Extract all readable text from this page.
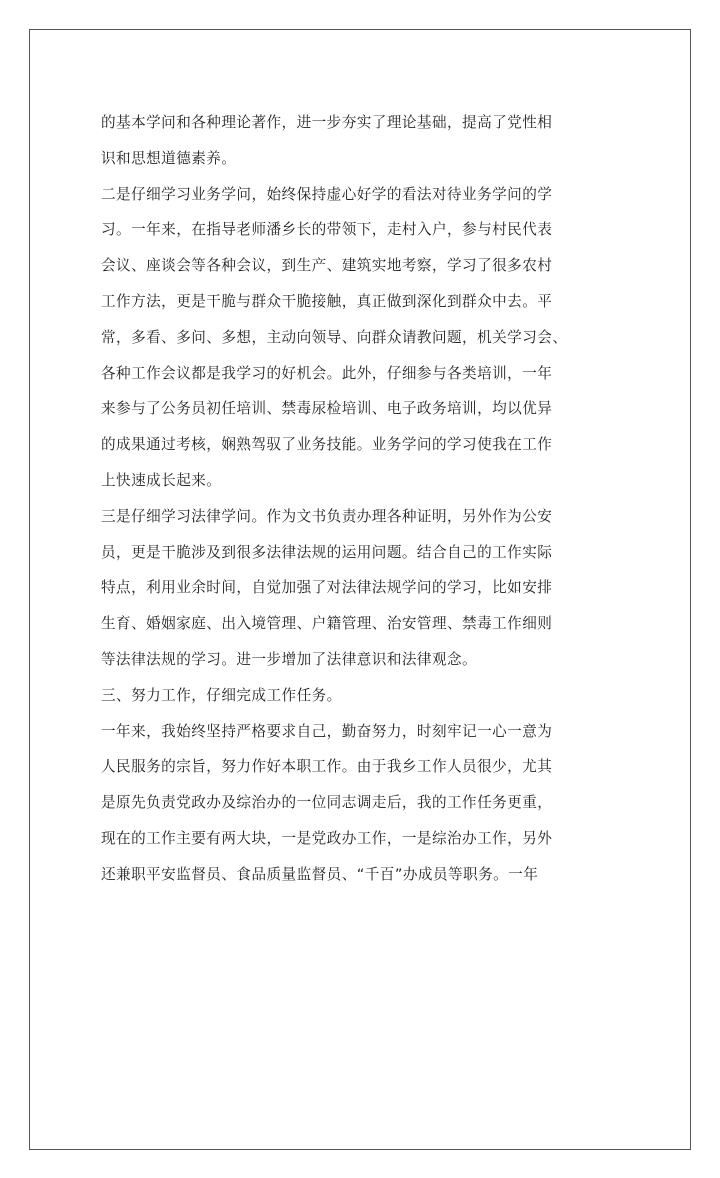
的基本学问和各种理论著作，进一步夯实了理论基础，提高了党性相
识和思想道德素养。
二是仔细学习业务学问，始终保持虚心好学的看法对待业务学问的学
习。一年来，在指导老师潘乡长的带领下，走村入户，参与村民代表
会议、座谈会等各种会议，到生产、建筑实地考察，学习了很多农村
工作方法，更是干脆与群众干脆接触，真正做到深化到群众中去。平
常，多看、多问、多想，主动向领导、向群众请教问题，机关学习会、
各种工作会议都是我学习的好机会。此外，仔细参与各类培训，一年
来参与了公务员初任培训、禁毒尿检培训、电子政务培训，均以优异
的成果通过考核，娴熟驾驭了业务技能。业务学问的学习使我在工作
上快速成长起来。
三是仔细学习法律学问。作为文书负责办理各种证明，另外作为公安
员，更是干脆涉及到很多法律法规的运用问题。结合自己的工作实际
特点，利用业余时间，自觉加强了对法律法规学问的学习，比如安排
生育、婚姻家庭、出入境管理、户籍管理、治安管理、禁毒工作细则
等法律法规的学习。进一步增加了法律意识和法律观念。
三、努力工作，仔细完成工作任务。
一年来，我始终坚持严格要求自己，勤奋努力，时刻牢记一心一意为
人民服务的宗旨，努力作好本职工作。由于我乡工作人员很少，尤其
是原先负责党政办及综治办的一位同志调走后，我的工作任务更重，
现在的工作主要有两大块，一是党政办工作，一是综治办工作，另外
还兼职平安监督员、食品质量监督员、“千百”办成员等职务。一年
